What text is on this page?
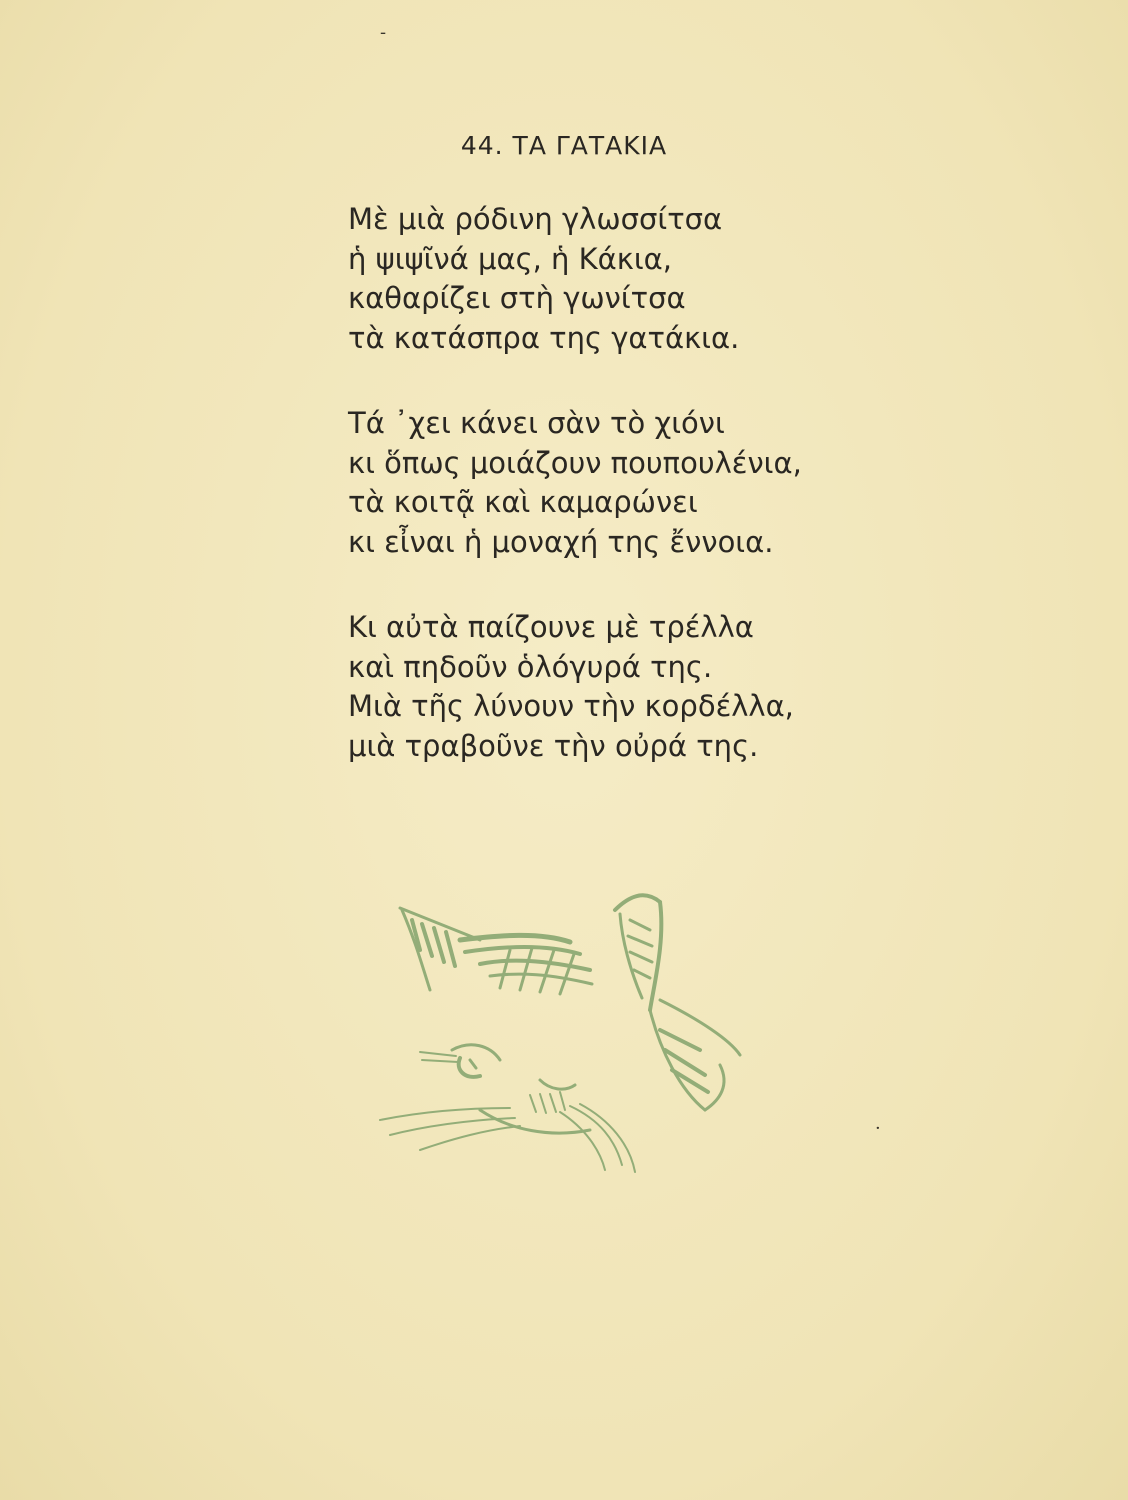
-
44. ΤΑ ΓΑΤΑΚΙΑ
Μὲ μιὰ ρόδινη γλωσσίτσα
ἡ ψιψῖνά μας, ἡ Κάκια,
καθαρίζει στὴ γωνίτσα
τὰ κατάσπρα της γατάκια.
Τά ᾿χει κάνει σὰν τὸ χιόνι
κι ὅπως μοιάζουν πουπουλένια,
τὰ κοιτᾷ καὶ καμαρώνει
κι εἶναι ἡ μοναχή της ἔννοια.
Κι αὐτὰ παίζουνε μὲ τρέλλα
καὶ πηδοῦν ὁλόγυρά της.
Μιὰ τῆς λύνουν τὴν κορδέλλα,
μιὰ τραβοῦνε τὴν οὐρά της.
·
